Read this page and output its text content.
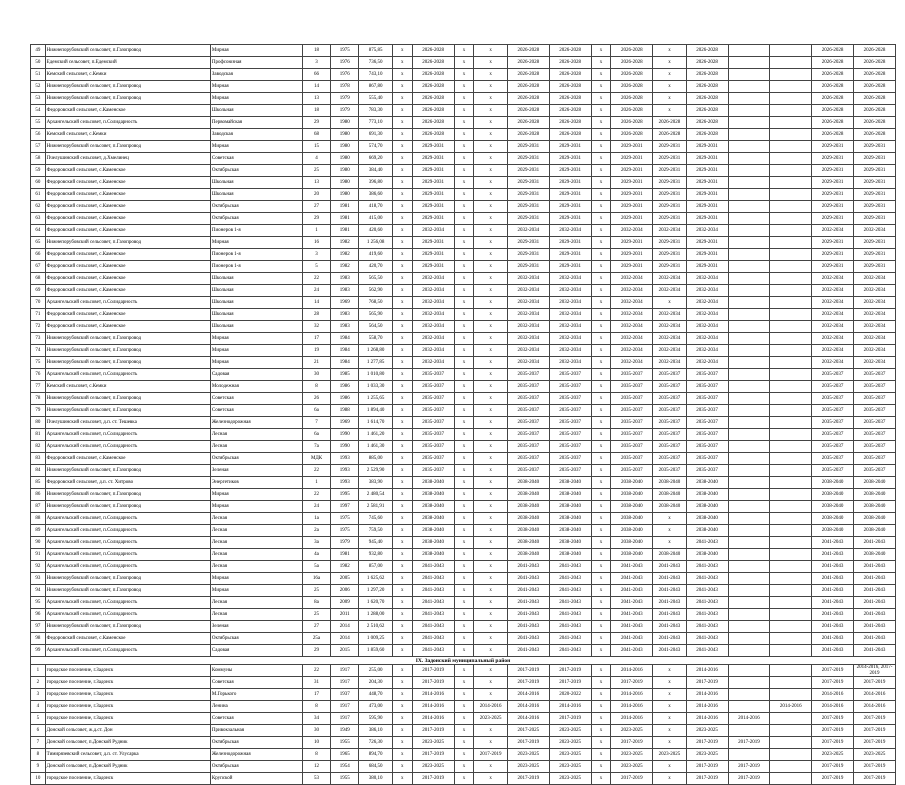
49	Нижнепорубовский сельсовет, п.Газопровод	Мирная	18	1975	875,85	х	2026-2028	х	х	2026-2028	2026-2028	х	2026-2028	х	2026-2028			2026-2028	2026-2028
50	Едемский сельсовет, п.Едемский	Профсоюзная	3	1976	736,50	х	2026-2028	х	х	2026-2028	2026-2028	х	2026-2028	х	2026-2028			2026-2028	2026-2028
51	Кемский сельсовет, с.Кемки	Заводская	66	1976	743,10	х	2026-2028	х	х	2026-2028	2026-2028	х	2026-2028	х	2026-2028			2026-2028	2026-2028
52	Нижнепорубовский сельсовет, п.Газопровод	Мирная	14	1978	867,80	х	2026-2028	х	х	2026-2028	2026-2028	х	2026-2028	х	2026-2028			2026-2028	2026-2028
53	Нижнепорубовский сельсовет, п.Газопровод	Мирная	13	1979	555,40	х	2026-2028	х	х	2026-2028	2026-2028	х	2026-2028	х	2026-2028			2026-2028	2026-2028
54	Федоровский сельсовет, с.Каменское	Школьная	18	1979	783,30	х	2026-2028	х	х	2026-2028	2026-2028	х	2026-2028	х	2026-2028			2026-2028	2026-2028
55	Архангельский сельсовет, п.Солидарность	Первомайская	29	1980	773,10	х	2026-2028	х	х	2026-2028	2026-2028	х	2026-2028	2026-2028	2026-2028			2026-2028	2026-2028
56	Кемский сельсовет, с.Кемки	Заводская	68	1980	691,30	х	2026-2028	х	х	2026-2028	2026-2028	х	2026-2028	2026-2028	2026-2028			2026-2028	2026-2028
57	Нижнепорубовский сельсовет, п.Газопровод	Мирная	15	1980	574,70	х	2029-2031	х	х	2029-2031	2029-2031	х	2029-2031	2029-2031	2029-2031			2029-2031	2029-2031
58	Пчелушинский сельсовет, д.Хмелинец	Советская	4	1980	669,20	х	2029-2031	х	х	2029-2031	2029-2031	х	2029-2031	2029-2031	2029-2031			2029-2031	2029-2031
59	Федоровский сельсовет, с.Каменское	Октябрьская	25	1980	384,40	х	2029-2031	х	х	2029-2031	2029-2031	х	2029-2031	2029-2031	2029-2031			2029-2031	2029-2031
60	Федоровский сельсовет, с.Каменское	Школьная	13	1980	396,80	х	2029-2031	х	х	2029-2031	2029-2031	х	2029-2031	2029-2031	2029-2031			2029-2031	2029-2031
61	Федоровский сельсовет, с.Каменское	Школьная	20	1980	386,60	х	2029-2031	х	х	2029-2031	2029-2031	х	2029-2031	2029-2031	2029-2031			2029-2031	2029-2031
62	Федоровский сельсовет, с.Каменское	Октябрьская	27	1981	418,70	х	2029-2031	х	х	2029-2031	2029-2031	х	2029-2031	2029-2031	2029-2031			2029-2031	2029-2031
63	Федоровский сельсовет, с.Каменское	Октябрьская	29	1981	415,00	х	2029-2031	х	х	2029-2031	2029-2031	х	2029-2031	2029-2031	2029-2031			2029-2031	2029-2031
64	Федоровский сельсовет, с.Каменское	Пионеров 1-я	1	1981	420,60	х	2032-2034	х	х	2032-2034	2032-2034	х	2032-2034	2032-2034	2032-2034			2032-2034	2032-2034
65	Нижнепорубовский сельсовет, п.Газопровод	Мирная	16	1982	1 256,08	х	2029-2031	х	х	2029-2031	2029-2031	х	2029-2031	2029-2031	2029-2031			2029-2031	2029-2031
66	Федоровский сельсовет, с.Каменское	Пионеров 1-я	3	1982	419,60	х	2029-2031	х	х	2029-2031	2029-2031	х	2029-2031	2029-2031	2029-2031			2029-2031	2029-2031
67	Федоровский сельсовет, с.Каменское	Пионеров 1-я	5	1982	420,70	х	2029-2031	х	х	2029-2031	2029-2031	х	2029-2031	2029-2031	2029-2031			2029-2031	2029-2031
68	Федоровский сельсовет, с.Каменское	Школьная	22	1983	565,50	х	2032-2034	х	х	2032-2034	2032-2034	х	2032-2034	2032-2034	2032-2034			2032-2034	2032-2034
69	Федоровский сельсовет, с.Каменское	Школьная	24	1983	562,90	х	2032-2034	х	х	2032-2034	2032-2034	х	2032-2034	2032-2034	2032-2034			2032-2034	2032-2034
70	Архангельский сельсовет, п.Солидарность	Школьная	14	1969	768,50	х	2032-2034	х	х	2032-2034	2032-2034	х	2032-2034	х	2032-2034			2032-2034	2032-2034
71	Федоровский сельсовет, с.Каменское	Школьная	28	1983	565,90	х	2032-2034	х	х	2032-2034	2032-2034	х	2032-2034	2032-2034	2032-2034			2032-2034	2032-2034
72	Федоровский сельсовет, с.Каменское	Школьная	32	1983	564,50	х	2032-2034	х	х	2032-2034	2032-2034	х	2032-2034	2032-2034	2032-2034			2032-2034	2032-2034
73	Нижнепорубовский сельсовет, п.Газопровод	Мирная	17	1984	558,70	х	2032-2034	х	х	2032-2034	2032-2034	х	2032-2034	2032-2034	2032-2034			2032-2034	2032-2034
74	Нижнепорубовский сельсовет, п.Газопровод	Мирная	19	1984	1 268,80	х	2032-2034	х	х	2032-2034	2032-2034	х	2032-2034	2032-2034	2032-2034			2032-2034	2032-2034
75	Нижнепорубовский сельсовет, п.Газопровод	Мирная	21	1984	1 277,85	х	2032-2034	х	х	2032-2034	2032-2034	х	2032-2034	2032-2034	2032-2034			2032-2034	2032-2034
76	Архангельский сельсовет, п.Солидарность	Садовая	30	1985	1 010,80	х	2035-2037	х	х	2035-2037	2035-2037	х	2035-2037	2035-2037	2035-2037			2035-2037	2035-2037
77	Кемский сельсовет, с.Кемки	Молодежная	8	1986	1 033,30	х	2035-2037	х	х	2035-2037	2035-2037	х	2035-2037	2035-2037	2035-2037			2035-2037	2035-2037
78	Нижнепорубовский сельсовет, п.Газопровод	Советская	26	1986	1 255,65	х	2035-2037	х	х	2035-2037	2035-2037	х	2035-2037	2035-2037	2035-2037			2035-2037	2035-2037
79	Нижнепорубовский сельсовет, п.Газопровод	Советская	6а	1988	1 894,40	х	2035-2037	х	х	2035-2037	2035-2037	х	2035-2037	2035-2037	2035-2037			2035-2037	2035-2037
80	Пчелушинский сельсовет, д.п. ст. Тешевка	Железнодорожная	7	1969	1 614,70	х	2035-2037	х	х	2035-2037	2035-2037	х	2035-2037	2035-2037	2035-2037			2035-2037	2035-2037
81	Архангельский сельсовет, п.Солидарность	Лесная	6а	1990	1 461,20	х	2035-2037	х	х	2035-2037	2035-2037	х	2035-2037	2035-2037	2035-2037			2035-2037	2035-2037
82	Архангельский сельсовет, п.Солидарность	Лесная	7а	1990	1 461,30	х	2035-2037	х	х	2035-2037	2035-2037	х	2035-2037	2035-2037	2035-2037			2035-2037	2035-2037
83	Федоровский сельсовет, с.Каменское	Октябрьская	МДК	1993	885,00	х	2035-2037	х	х	2035-2037	2035-2037	х	2035-2037	2035-2037	2035-2037			2035-2037	2035-2037
84	Нижнепорубовский сельсовет, п.Газопровод	Зеленая	22	1993	2 529,90	х	2035-2037	х	х	2035-2037	2035-2037	х	2035-2037	2035-2037	2035-2037			2035-2037	2035-2037
85	Федоровский сельсовет, д.п. ст. Хитрово	Энергетиков	1	1993	383,90	х	2038-2040	х	х	2038-2040	2038-2040	х	2038-2040	2038-2040	2038-2040			2038-2040	2038-2040
86	Нижнепорубовский сельсовет, п.Газопровод	Мирная	22	1995	2 480,54	х	2038-2040	х	х	2038-2040	2038-2040	х	2038-2040	2038-2040	2038-2040			2038-2040	2038-2040
87	Нижнепорубовский сельсовет, п.Газопровод	Мирная	24	1997	2 581,91	х	2038-2040	х	х	2038-2040	2038-2040	х	2038-2040	2038-2040	2038-2040			2038-2040	2038-2040
88	Архангельский сельсовет, п.Солидарность	Лесная	1а	1975	745,60	х	2038-2040	х	х	2038-2040	2038-2040	х	2038-2040	х	2038-2040			2038-2040	2038-2040
89	Архангельский сельсовет, п.Солидарность	Лесная	2а	1975	759,50	х	2038-2040	х	х	2038-2040	2038-2040	х	2038-2040	х	2038-2040			2038-2040	2038-2040
90	Архангельский сельсовет, п.Солидарность	Лесная	3а	1979	945,40	х	2038-2040	х	х	2038-2040	2038-2040	х	2038-2040	х	2041-2043			2041-2043	2041-2043
91	Архангельский сельсовет, п.Солидарность	Лесная	4а	1981	932,80	х	2038-2040	х	х	2038-2040	2038-2040	х	2038-2040	2038-2040	2038-2040			2041-2043	2038-2040
92	Архангельский сельсовет, п.Солидарность	Лесная	5а	1982	857,00	х	2041-2043	х	х	2041-2043	2041-2043	х	2041-2043	2041-2043	2041-2043			2041-2043	2041-2043
93	Нижнепорубовский сельсовет, п.Газопровод	Мирная	16а	2005	1 625,62	х	2041-2043	х	х	2041-2043	2041-2043	х	2041-2043	2041-2043	2041-2043			2041-2043	2041-2043
94	Нижнепорубовский сельсовет, п.Газопровод	Мирная	25	2006	1 297,20	х	2041-2043	х	х	2041-2043	2041-2043	х	2041-2043	2041-2043	2041-2043			2041-2043	2041-2043
95	Архангельский сельсовет, п.Солидарность	Лесная	8а	2009	1 620,70	х	2041-2043	х	х	2041-2043	2041-2043	х	2041-2043	2041-2043	2041-2043			2041-2043	2041-2043
96	Архангельский сельсовет, п.Солидарность	Лесная	25	2011	1 288,00	х	2041-2043	х	х	2041-2043	2041-2043	х	2041-2043	2041-2043	2041-2043			2041-2043	2041-2043
97	Нижнепорубовский сельсовет, п.Газопровод	Зеленая	27	2014	2 510,62	х	2041-2043	х	х	2041-2043	2041-2043	х	2041-2043	2041-2043	2041-2043			2041-2043	2041-2043
98	Федоровский сельсовет, с.Каменское	Октябрьская	25а	2014	1 009,25	х	2041-2043	х	х	2041-2043	2041-2043	х	2041-2043	2041-2043	2041-2043			2041-2043	2041-2043
99	Архангельский сельсовет, п.Солидарность	Садовая	29	2015	1 859,60	х	2041-2043	х	х	2041-2043	2041-2043	х	2041-2043	2041-2043	2041-2043			2041-2043	2041-2043
IX. Задонский муниципальный район																			
1	городское поселение, г.Задонск	Коммуны	22	1917	255,00	х	2017-2019	х	х	2017-2019	2017-2019	х	2014-2016	х	2014-2016			2017-2019	2014-2016, 2017-2019
2	городское поселение, г.Задонск	Советская	31	1917	204,30	х	2017-2019	х	х	2017-2019	2017-2019	х	2017-2019	х	2017-2019			2017-2019	2017-2019
3	городское поселение, г.Задонск	М.Горького	17	1937	448,70	х	2014-2016	х	х	2014-2016	2020-2022	х	2014-2016	х	2014-2016			2014-2016	2014-2016
4	городское поселение, г.Задонск	Ленина	8	1917	473,00	х	2014-2016	х	2014-2016	2014-2016	2014-2016	х	2014-2016	х	2014-2016		2014-2016	2014-2016	2014-2016
5	городское поселение, г.Задонск	Советская	34	1917	595,90	х	2014-2016	х	2023-2025	2014-2016	2017-2019	х	2014-2016	х	2014-2016	2014-2016		2017-2019	2017-2019
6	Донской сельсовет, ж.д.ст. Дон	Привокзальная	30	1949	386,10	х	2017-2019	х	х	2017-2025	2023-2025	х	2023-2025	х	2023-2025			2017-2019	2017-2019
7	Донской сельсовет, п.Донской Рудник	Октябрьская	10	1955	726,30	х	2023-2025	х	х	2017-2019	2023-2025	х	2017-2019	х	2017-2019	2017-2019		2017-2019	2017-2019
8	Тимирязевский сельсовет, д.п. ст. Улусарка	Железнодорожная	8	1965	894,70	х	2017-2019	х	2017-2019	2023-2025	2023-2025	х	2023-2025	2023-2025	2023-2025			2023-2025	2023-2025
9	Донской сельсовет, п.Донской Рудник	Октябрьская	12	1954	684,50	х	2023-2025	х	х	2023-2025	2023-2025	х	2023-2025	х	2017-2019	2017-2019		2017-2019	2017-2019
10	городское поселение, г.Задонск	Крупской	53	1955	380,10	х	2017-2019	х	х	2017-2019	2023-2025	х	2017-2019	х	2017-2019	2017-2019		2017-2019	2017-2019
